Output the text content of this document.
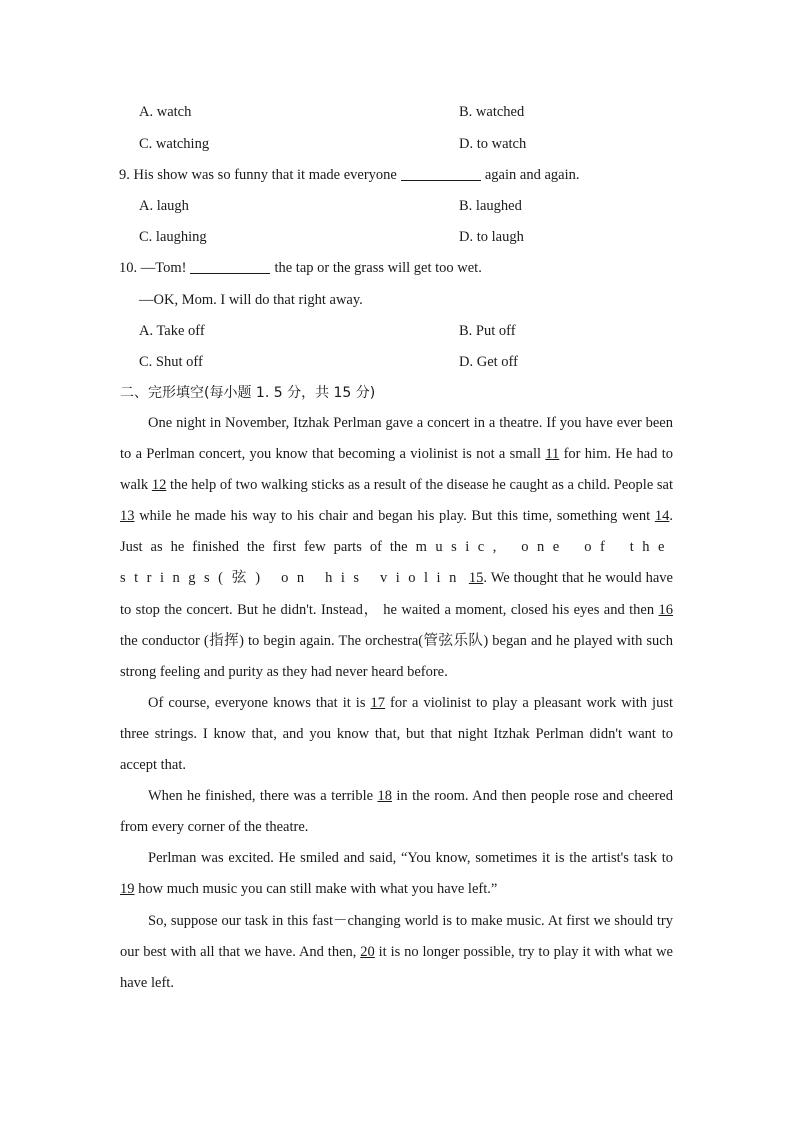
A. watch	B. watched
C. watching	D. to watch
9. His show was so funny that it made everyone	again and again.
A. laugh	B. laughed
C. laughing	D. to laugh
10. —Tom!	the tap or the grass will get too wet.
—OK, Mom. I will do that right away.
A. Take off	B. Put off
C. Shut off	D. Get off
二、完形填空(每小题 1. 5 分，共 15 分)

One night in November, Itzhak Perlman gave a concert in a theatre. If you have ever been to a Perlman concert, you know that becoming a violinist is not a small 11 for him. He had to walk 12 the help of two walking sticks as a result of the disease he caught as a child. People sat 13 while he made his way to his chair and began his play. But this time, something went 14. Just as he finished the first few parts of the music, one of the strings(弦) on his violin 15. We thought that he would have to stop the concert. But he didn't. Instead， he waited a moment, closed his eyes and then 16 the conductor (指挥) to begin again. The orchestra(管弦乐队) began and he played with such strong feeling and purity as they had never heard before.

Of course, everyone knows that it is 17 for a violinist to play a pleasant work with just three strings. I know that, and you know that, but that night Itzhak Perlman didn't want to accept that.

When he finished, there was a terrible 18 in the room. And then people rose and cheered from every corner of the theatre.

Perlman was excited. He smiled and said, “You know, sometimes it is the artist's task to 19 how much music you can still make with what you have left.”

So, suppose our task in this fast－changing world is to make music. At first we should try our best with all that we have. And then, 20 it is no longer possible, try to play it with what we have left.
